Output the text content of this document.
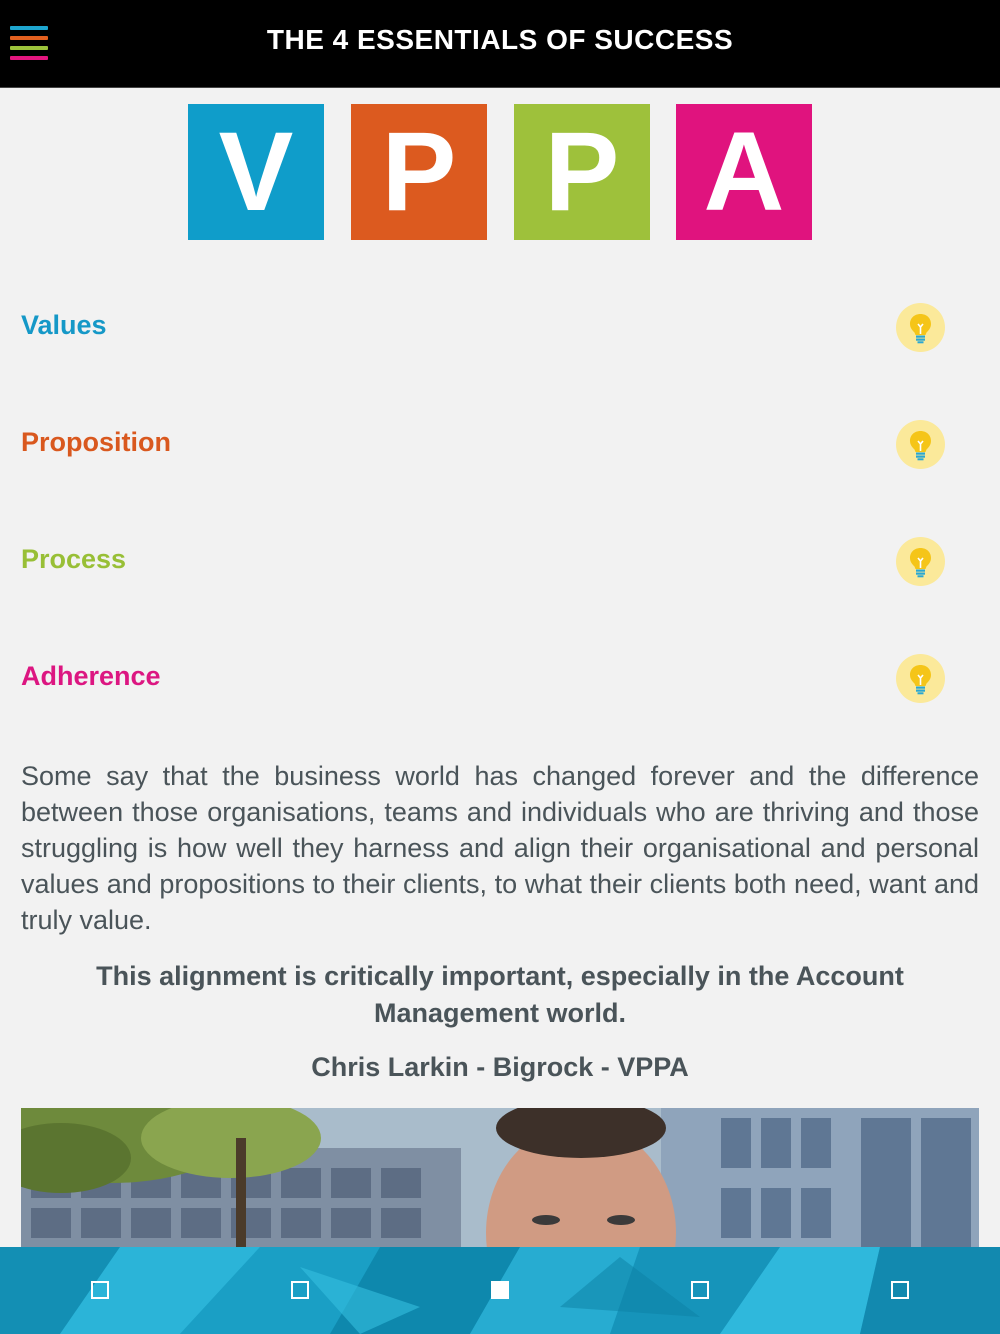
THE 4 ESSENTIALS OF SUCCESS
V P P A
Values
Proposition
Process
Adherence

Some say that the business world has changed forever and the difference between those organisations, teams and individuals who are thriving and those struggling is how well they harness and align their organisational and personal values and propositions to their clients, to what their clients both need, want and truly value.

This alignment is critically important, especially in the Account Management world.

Chris Larkin - Bigrock - VPPA
